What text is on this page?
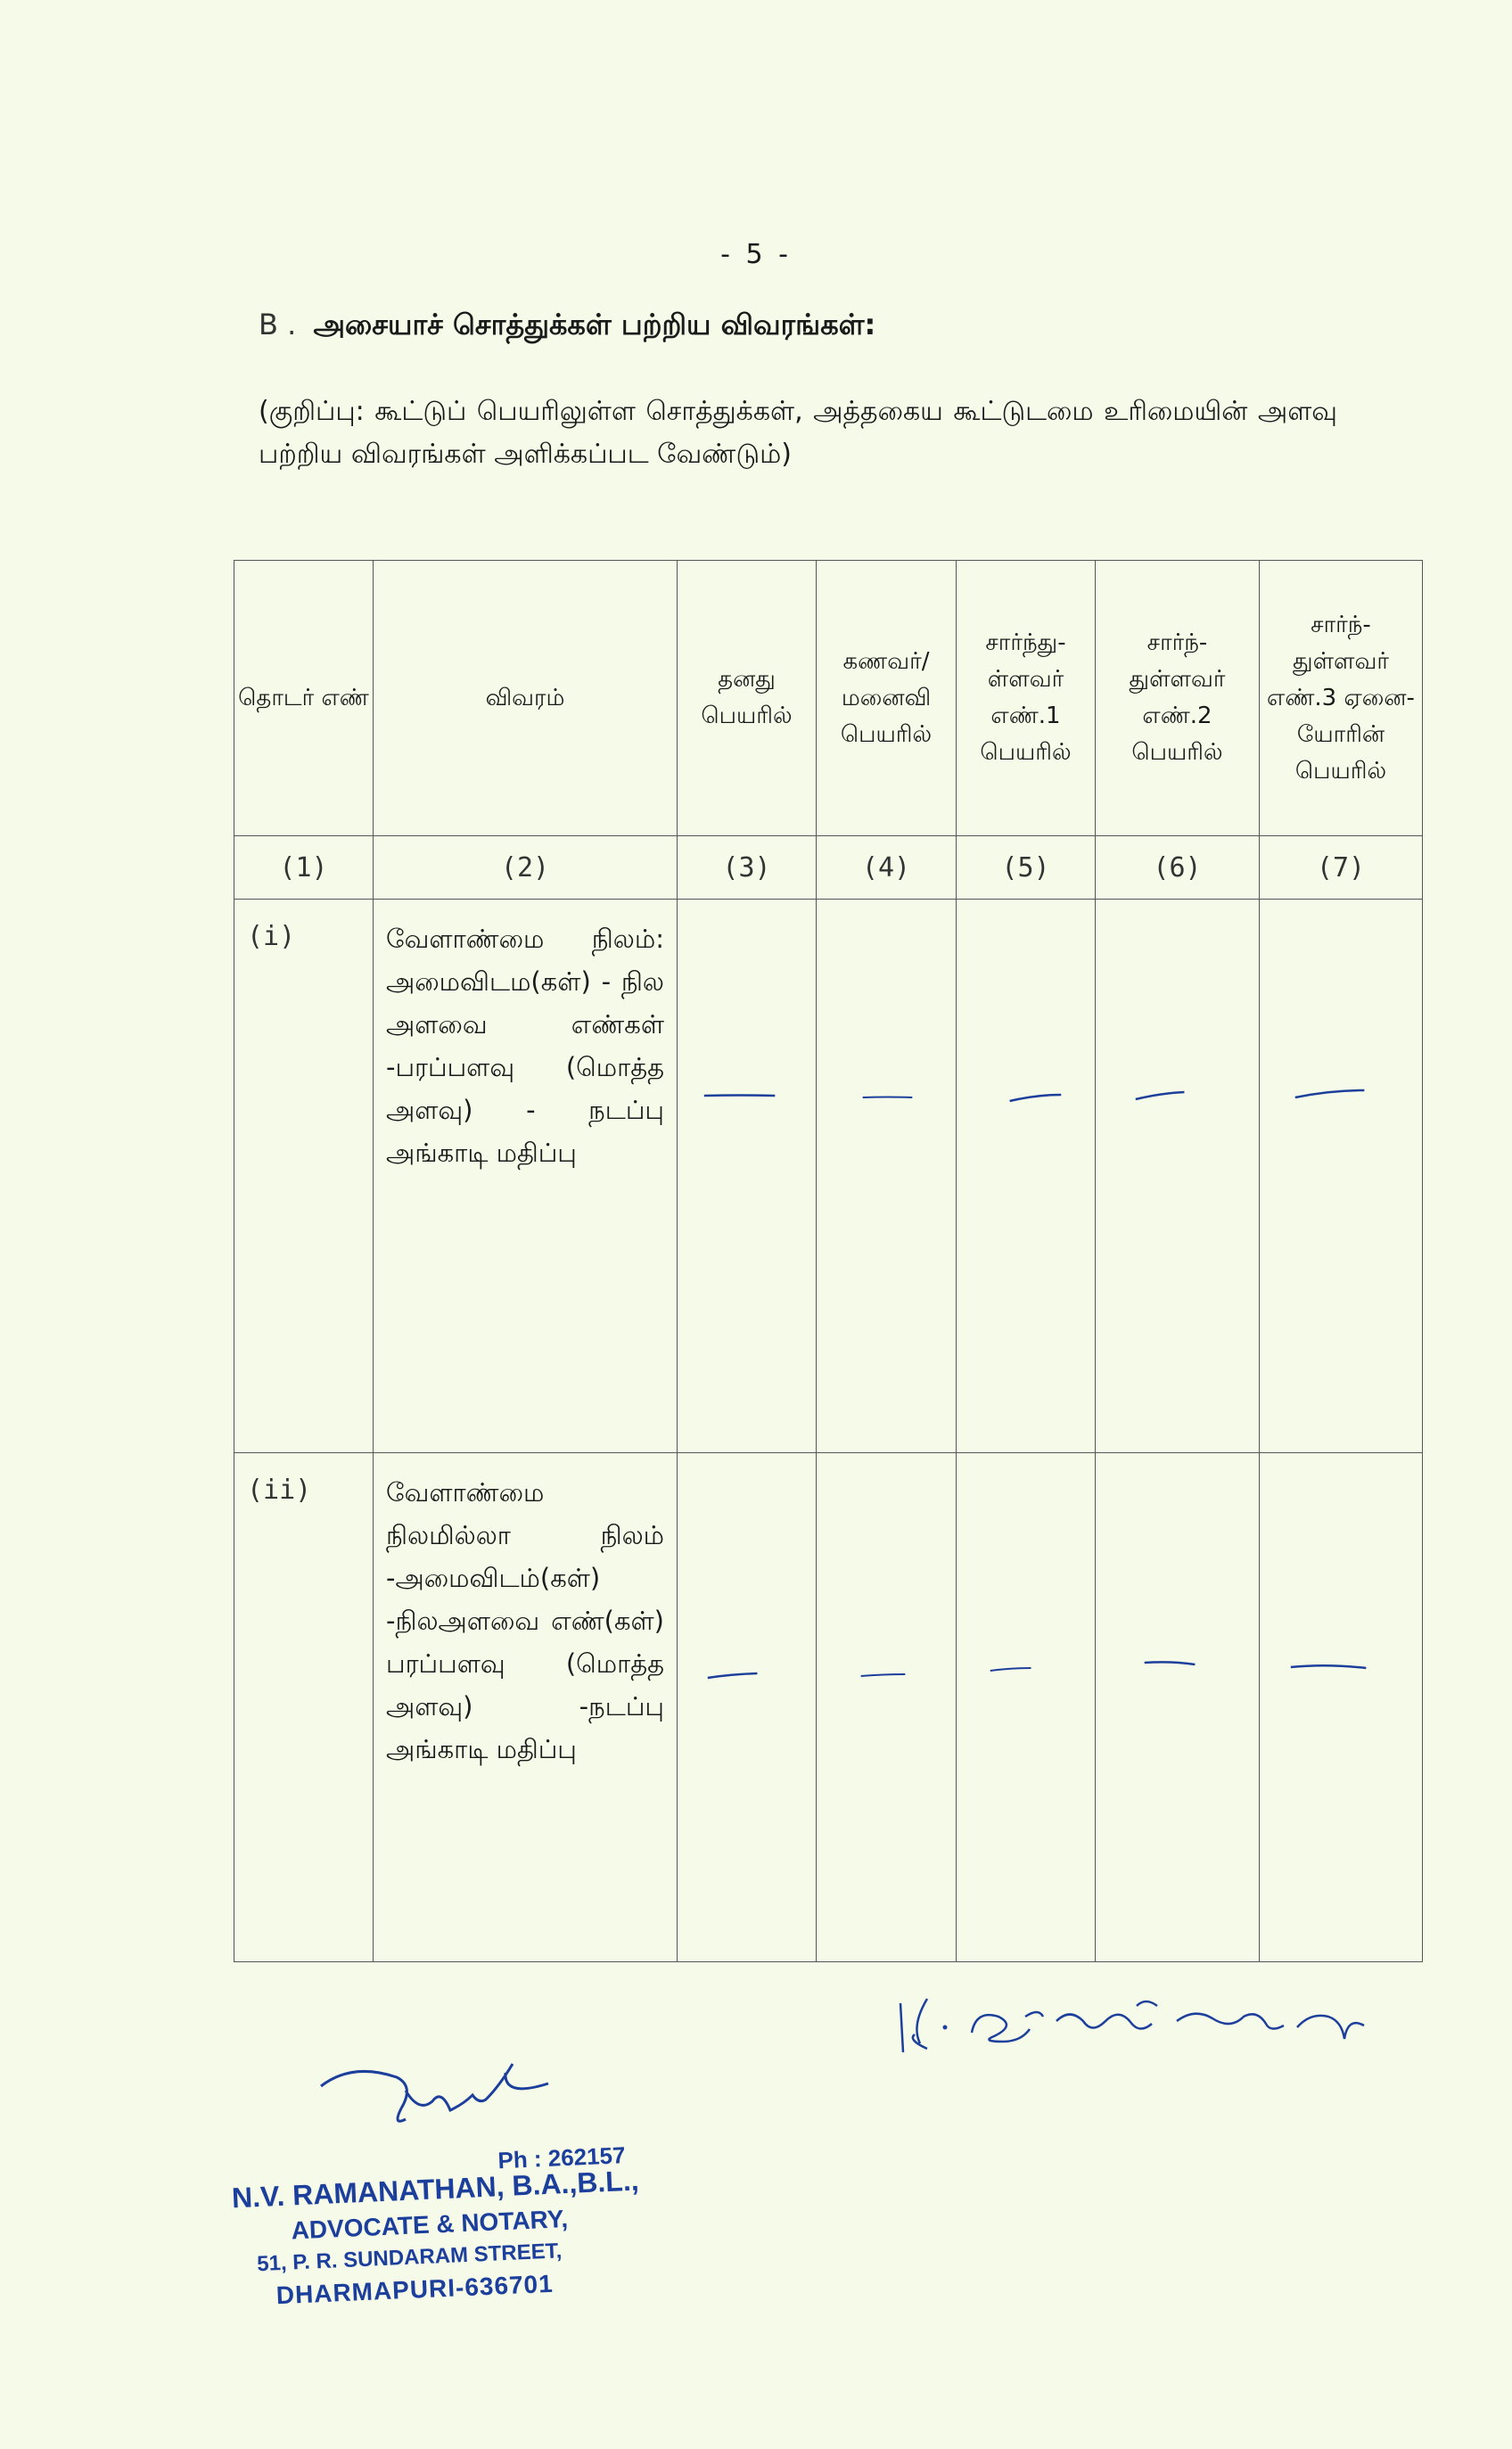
- 5 -
B . அசையாச் சொத்துக்கள் பற்றிய விவரங்கள்:
(குறிப்பு: கூட்டுப் பெயரிலுள்ள சொத்துக்கள், அத்தகைய கூட்டுடமை உரிமையின் அளவு பற்றிய விவரங்கள் அளிக்கப்பட வேண்டும்)
தொடர் எண்	விவரம்	தனது பெயரில்	கணவர்/ மனைவி பெயரில்	சார்ந்து- ள்ளவர் எண்.1 பெயரில்	சார்ந்- துள்ளவர் எண்.2 பெயரில்	சார்ந்- துள்ளவர் எண்.3 ஏனை- யோரின் பெயரில்
(1)	(2)	(3)	(4)	(5)	(6)	(7)

(i)	வேளாண்மை நிலம்: அமைவிடம(கள்) - நில அளவை எண்கள் -பரப்பளவு (மொத்த அளவு) - நடப்பு அங்காடி மதிப்பு

(ii)	வேளாண்மை நிலமில்லா நிலம் -அமைவிடம்(கள்) -நிலஅளவை எண்(கள்) பரப்பளவு (மொத்த அளவு) -நடப்பு அங்காடி மதிப்பு

Ph : 262157
N.V. RAMANATHAN, B.A.,B.L.,
ADVOCATE & NOTARY,
51, P. R. SUNDARAM STREET,
DHARMAPURI-636701
